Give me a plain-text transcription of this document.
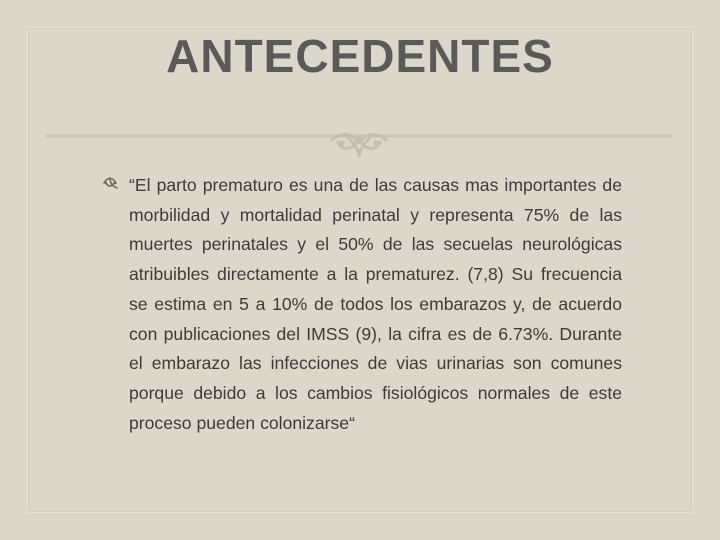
ANTECEDENTES

“El parto prematuro es una de las causas mas importantes de morbilidad y mortalidad perinatal y representa 75% de las muertes perinatales y el 50% de las secuelas neurológicas atribuibles directamente a la prematurez. (7,8) Su frecuencia se estima en 5 a 10% de todos los embarazos y, de acuerdo con publicaciones del IMSS (9), la cifra es de 6.73%. Durante el embarazo las infecciones de vias urinarias son comunes porque debido a los cambios fisiológicos normales de este proceso pueden colonizarse“
